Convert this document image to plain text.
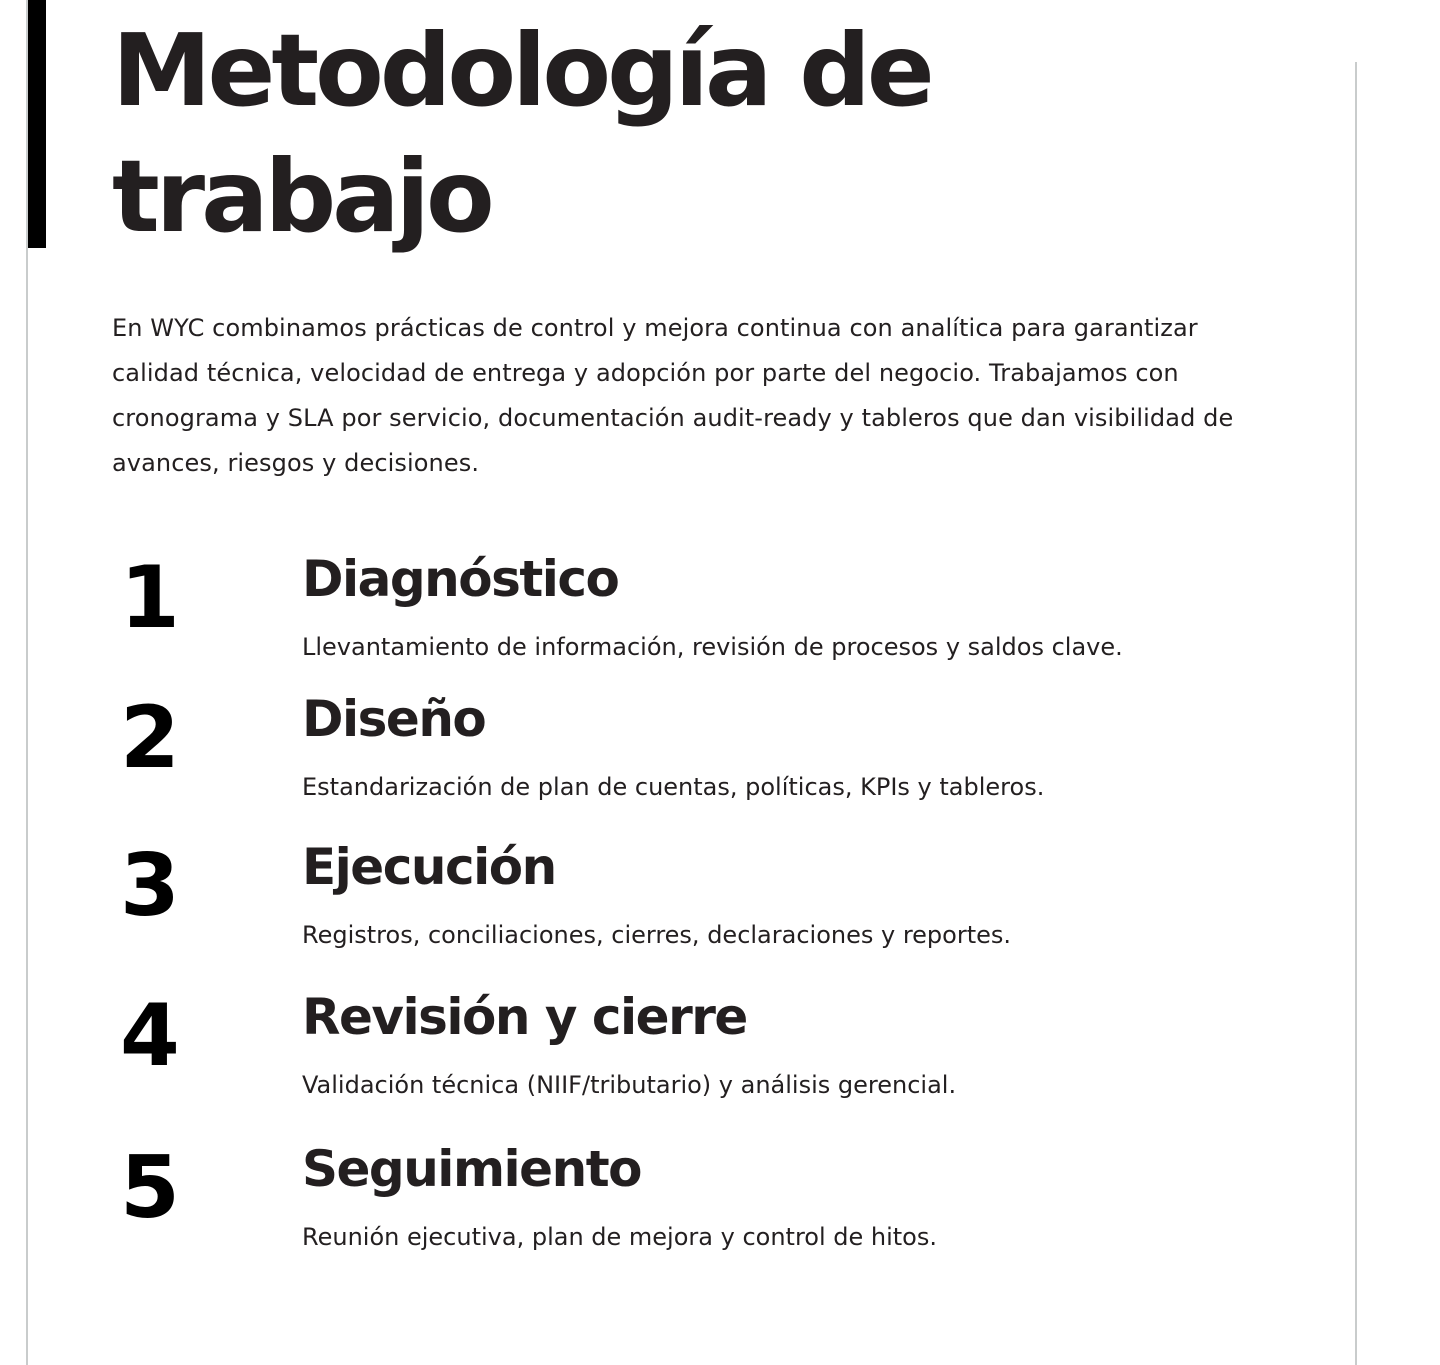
Metodología de
trabajo

En WYC combinamos prácticas de control y mejora continua con analítica para garantizar calidad técnica, velocidad de entrega y adopción por parte del negocio. Trabajamos con cronograma y SLA por servicio, documentación audit-ready y tableros que dan visibilidad de avances, riesgos y decisiones.

1 Diagnóstico

Llevantamiento de información, revisión de procesos y saldos clave.

2 Diseño

Estandarización de plan de cuentas, políticas, KPIs y tableros.

3 Ejecución

Registros, conciliaciones, cierres, declaraciones y reportes.

4 Revisión y cierre

Validación técnica (NIIF/tributario) y análisis gerencial.

5 Seguimiento

Reunión ejecutiva, plan de mejora y control de hitos.
